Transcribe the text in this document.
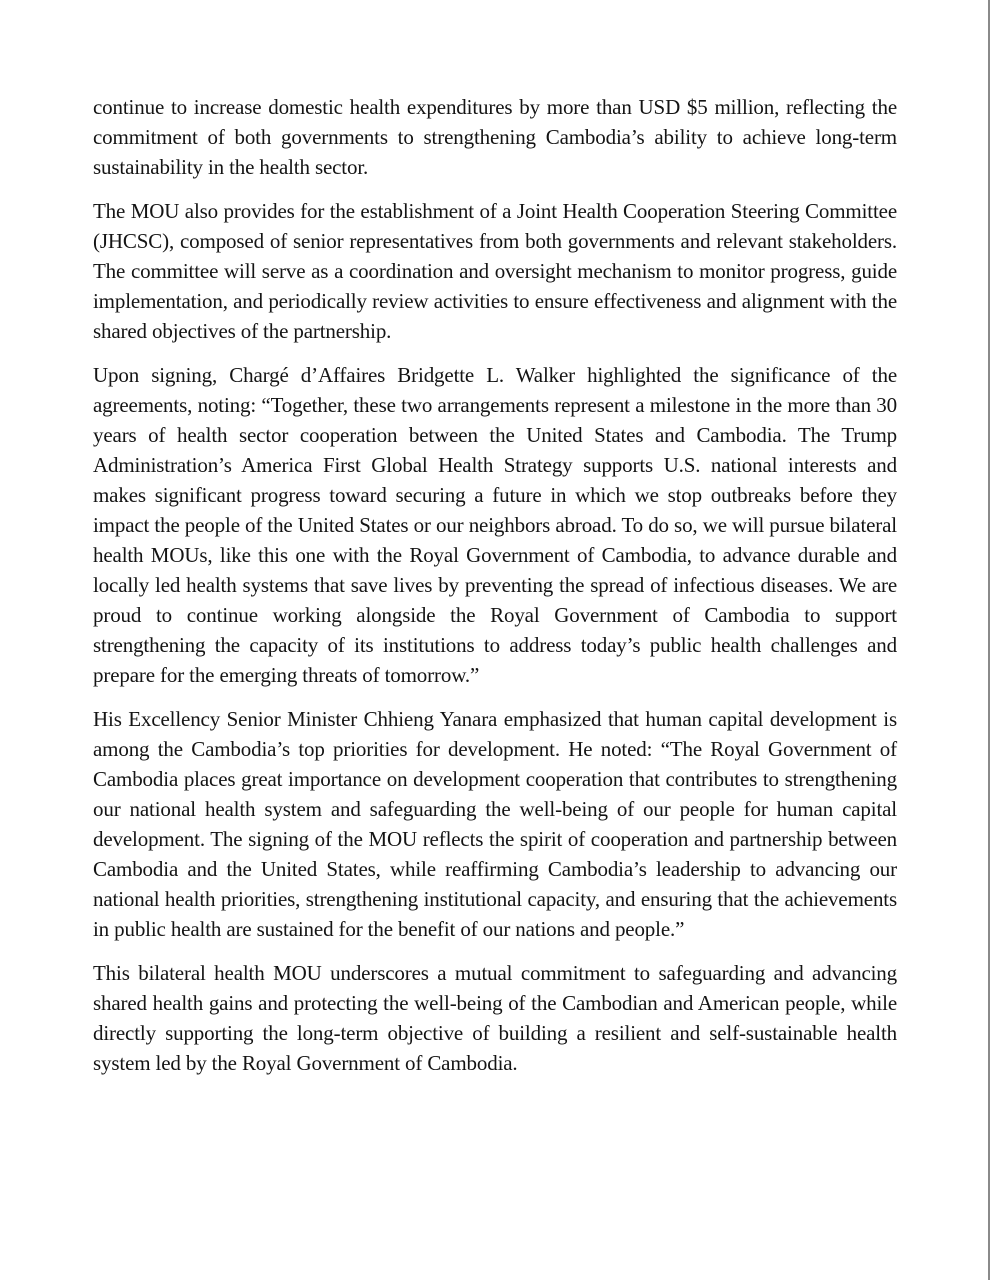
continue to increase domestic health expenditures by more than USD $5 million, reflecting the commitment of both governments to strengthening Cambodia’s ability to achieve long-term sustainability in the health sector.

The MOU also provides for the establishment of a Joint Health Cooperation Steering Committee (JHCSC), composed of senior representatives from both governments and relevant stakeholders. The committee will serve as a coordination and oversight mechanism to monitor progress, guide implementation, and periodically review activities to ensure effectiveness and alignment with the shared objectives of the partnership.

Upon signing, Chargé d’Affaires Bridgette L. Walker highlighted the significance of the agreements, noting: “Together, these two arrangements represent a milestone in the more than 30 years of health sector cooperation between the United States and Cambodia. The Trump Administration’s America First Global Health Strategy supports U.S. national interests and makes significant progress toward securing a future in which we stop outbreaks before they impact the people of the United States or our neighbors abroad. To do so, we will pursue bilateral health MOUs, like this one with the Royal Government of Cambodia, to advance durable and locally led health systems that save lives by preventing the spread of infectious diseases. We are proud to continue working alongside the Royal Government of Cambodia to support strengthening the capacity of its institutions to address today’s public health challenges and prepare for the emerging threats of tomorrow.”

His Excellency Senior Minister Chhieng Yanara emphasized that human capital development is among the Cambodia’s top priorities for development. He noted: “The Royal Government of Cambodia places great importance on development cooperation that contributes to strengthening our national health system and safeguarding the well-being of our people for human capital development. The signing of the MOU reflects the spirit of cooperation and partnership between Cambodia and the United States, while reaffirming Cambodia’s leadership to advancing our national health priorities, strengthening institutional capacity, and ensuring that the achievements in public health are sustained for the benefit of our nations and people.”

This bilateral health MOU underscores a mutual commitment to safeguarding and advancing shared health gains and protecting the well-being of the Cambodian and American people, while directly supporting the long-term objective of building a resilient and self-sustainable health system led by the Royal Government of Cambodia.
